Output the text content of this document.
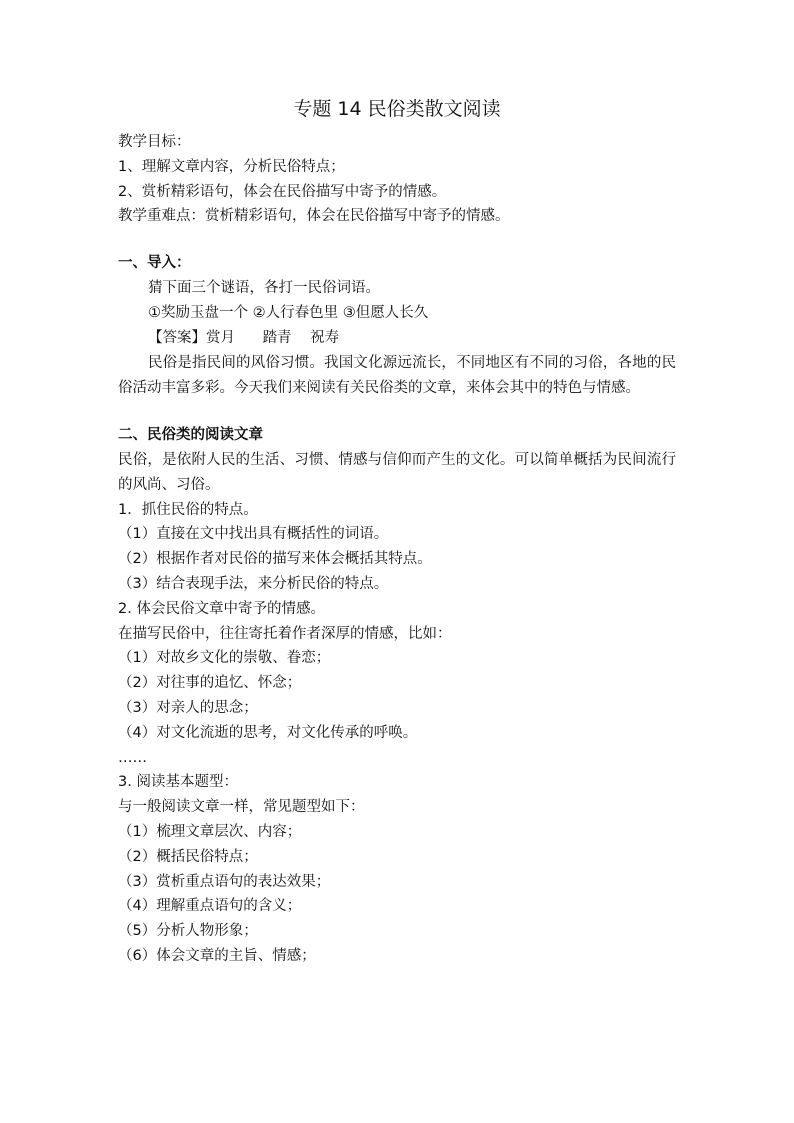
专题 14 民俗类散文阅读
教学目标：
1、理解文章内容，分析民俗特点；
2、赏析精彩语句，体会在民俗描写中寄予的情感。
教学重难点：赏析精彩语句，体会在民俗描写中寄予的情感。
一、导入：
猜下面三个谜语，各打一民俗词语。
①奖励玉盘一个 ②人行春色里 ③但愿人长久
【答案】赏月      踏青    祝寿

民俗是指民间的风俗习惯。我国文化源远流长，不同地区有不同的习俗，各地的民俗活动丰富多彩。今天我们来阅读有关民俗类的文章，来体会其中的特色与情感。

二、民俗类的阅读文章

民俗，是依附人民的生活、习惯、情感与信仰而产生的文化。可以简单概括为民间流行的风尚、习俗。

1．抓住民俗的特点。
（1）直接在文中找出具有概括性的词语。
（2）根据作者对民俗的描写来体会概括其特点。
（3）结合表现手法，来分析民俗的特点。
2. 体会民俗文章中寄予的情感。
在描写民俗中，往往寄托着作者深厚的情感，比如：
（1）对故乡文化的崇敬、眷恋；
（2）对往事的追忆、怀念；
（3）对亲人的思念；
（4）对文化流逝的思考，对文化传承的呼唤。
……
3. 阅读基本题型：
与一般阅读文章一样，常见题型如下：
（1）梳理文章层次、内容；
（2）概括民俗特点；
（3）赏析重点语句的表达效果；
（4）理解重点语句的含义；
（5）分析人物形象；
（6）体会文章的主旨、情感；
